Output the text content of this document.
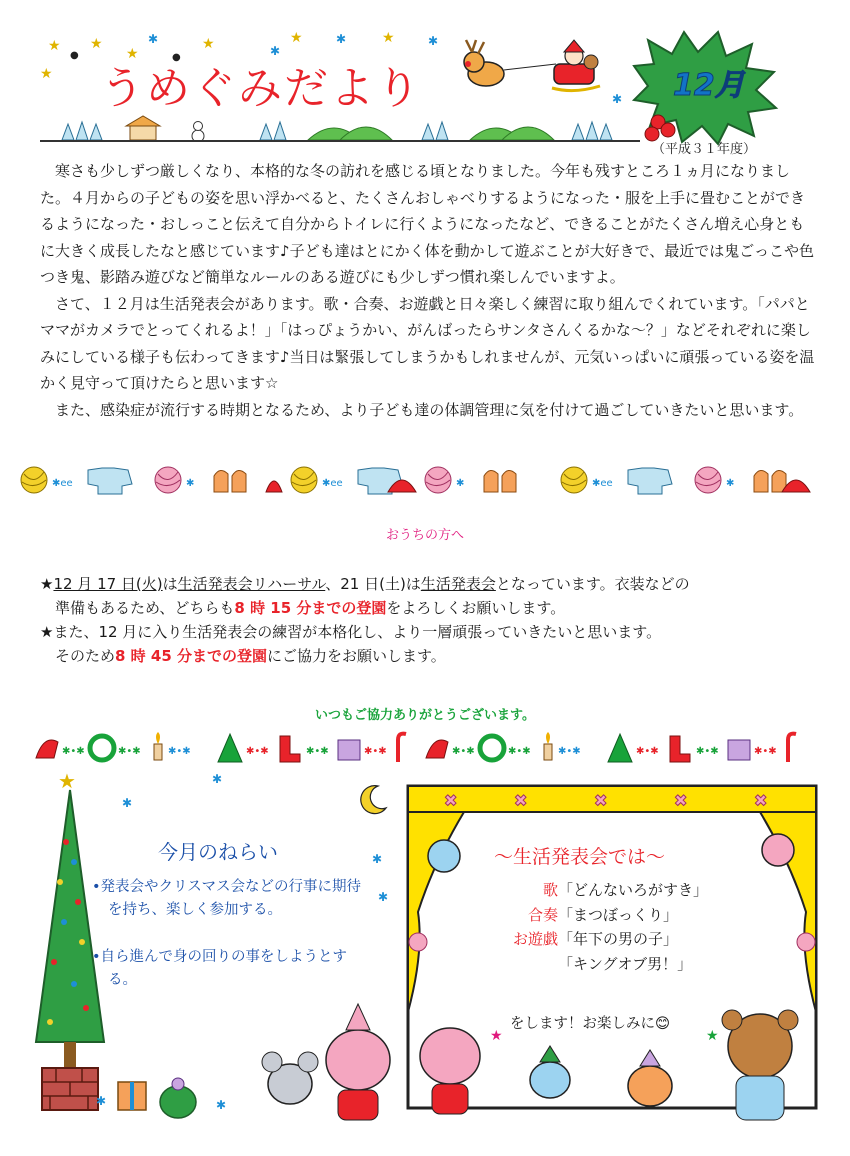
★
●
★
★
✱
●
★	✱
★	✱	★	✱
★
✱
うめぐみだより	12月
（平成３１年度）

寒さも少しずつ厳しくなり、本格的な冬の訪れを感じる頃となりました。今年も残すところ１ヵ月になりました。４月からの子どもの姿を思い浮かべると、たくさんおしゃべりするようになった・服を上手に畳むことができるようになった・おしっこと伝えて自分からトイレに行くようになったなど、できることがたくさん増え心身ともに大きく成長したなと感じています♪子ども達はとにかく体を動かして遊ぶことが大好きで、最近では鬼ごっこや色つき鬼、影踏み遊びなど簡単なルールのある遊びにも少しずつ慣れ楽しんでいますよ。

さて、１２月は生活発表会があります。歌・合奏、お遊戯と日々楽しく練習に取り組んでくれています。「パパとママがカメラでとってくれるよ！」「はっぴょうかい、がんばったらサンタさんくるかな～？」などそれぞれに楽しみにしている様子も伝わってきます♪当日は緊張してしまうかもしれませんが、元気いっぱいに頑張っている姿を温かく見守って頂けたらと思います☆

また、感染症が流行する時期となるため、より子ども達の体調管理に気を付けて過ごしていきたいと思います。

✱ee	✱
おうちの方へ
★12 月 17 日(火)は生活発表会リハーサル、21 日(土)は生活発表会となっています。衣装などの
準備もあるため、どちらも8 時 15 分までの登園をよろしくお願いします。
★また、12 月に入り生活発表会の練習が本格化し、より一層頑張っていきたいと思います。
そのため8 時 45 分までの登園にご協力をお願いします。
いつもご協力ありがとうございます。
✱•✱	✱•✱	✱•✱	✱•✱	✱•✱	✱•✱
★
✱
✱
✱
✱
✱	✱
今月のねらい
•発表会やクリスマス会などの行事に期待を持ち、楽しく参加する。
•自ら進んで身の回りの事をしようとする。
✖	✖	✖	✖	✖
～生活発表会では～
歌 「どんないろがすき」
合奏 「まつぼっくり」
お遊戯 「年下の男の子」
「キングオブ男！」
をします！お楽しみに😊
★
★
